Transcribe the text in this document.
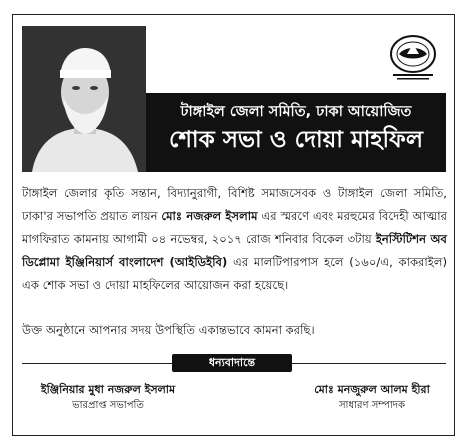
টাঙ্গাইল জেলা সমিতি, ঢাকা আয়োজিত
শোক সভা ও দোয়া মাহফিল
টাঙ্গাইল জেলার কৃতি সন্তান, বিদ্যানুরাগী, বিশিষ্ট সমাজসেবক ও টাঙ্গাইল জেলা সমিতি, ঢাকা'র সভাপতি প্রয়াত লায়ন মোঃ নজরুল ইসলাম এর স্মরণে এবং মরহুমের বিদেহী আত্মার মাগফিরাত কামনায় আগামী ০৪ নভেম্বর, ২০১৭ রোজ শনিবার বিকেল ৩টায় ইনস্টিটিশন অব ডিপ্লোমা ইঞ্জিনিয়ার্স বাংলাদেশ (আইডিইবি) এর মালটিপারপাস হলে (১৬০/এ, কাকরাইল) এক শোক সভা ও দোয়া মাহফিলের আয়োজন করা হয়েছে।
উক্ত অনুষ্ঠানে আপনার সদয় উপস্থিতি একান্তভাবে কামনা করছি।
ধন্যবাদান্তে
ইঞ্জিনিয়ার মুধা নজরুল ইসলাম
ভারপ্রাপ্ত সভাপতি
মোঃ মনজুরুল আলম হীরা
সাধারণ সম্পাদক
